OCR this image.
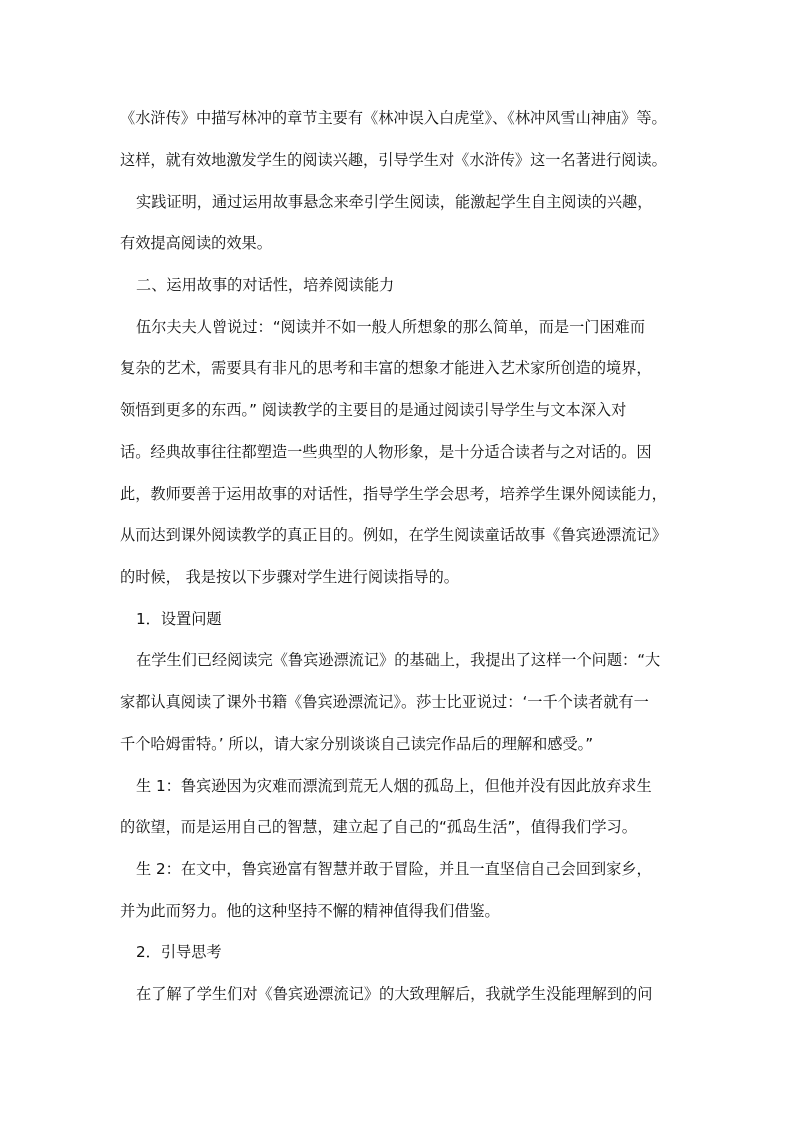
《水浒传》中描写林冲的章节主要有《林冲误入白虎堂》、《林冲风雪山神庙》等。
这样，就有效地激发学生的阅读兴趣，引导学生对《水浒传》这一名著进行阅读。
实践证明，通过运用故事悬念来牵引学生阅读，能激起学生自主阅读的兴趣，
有效提高阅读的效果。
二、运用故事的对话性，培养阅读能力
伍尔夫夫人曾说过：“阅读并不如一般人所想象的那么简单，而是一门困难而
复杂的艺术，需要具有非凡的思考和丰富的想象才能进入艺术家所创造的境界，
领悟到更多的东西。” 阅读教学的主要目的是通过阅读引导学生与文本深入对
话。经典故事往往都塑造一些典型的人物形象，是十分适合读者与之对话的。因
此，教师要善于运用故事的对话性，指导学生学会思考，培养学生课外阅读能力，
从而达到课外阅读教学的真正目的。例如，在学生阅读童话故事《鲁宾逊漂流记》
的时候， 我是按以下步骤对学生进行阅读指导的。
1．设置问题
在学生们已经阅读完《鲁宾逊漂流记》的基础上，我提出了这样一个问题：“大
家都认真阅读了课外书籍《鲁宾逊漂流记》。莎士比亚说过：‘一千个读者就有一
千个哈姆雷特。’ 所以，请大家分别谈谈自己读完作品后的理解和感受。”
生 1：鲁宾逊因为灾难而漂流到荒无人烟的孤岛上，但他并没有因此放弃求生
的欲望，而是运用自己的智慧，建立起了自己的“孤岛生活”，值得我们学习。
生 2：在文中，鲁宾逊富有智慧并敢于冒险，并且一直坚信自己会回到家乡，
并为此而努力。他的这种坚持不懈的精神值得我们借鉴。
2．引导思考
在了解了学生们对《鲁宾逊漂流记》的大致理解后，我就学生没能理解到的问
